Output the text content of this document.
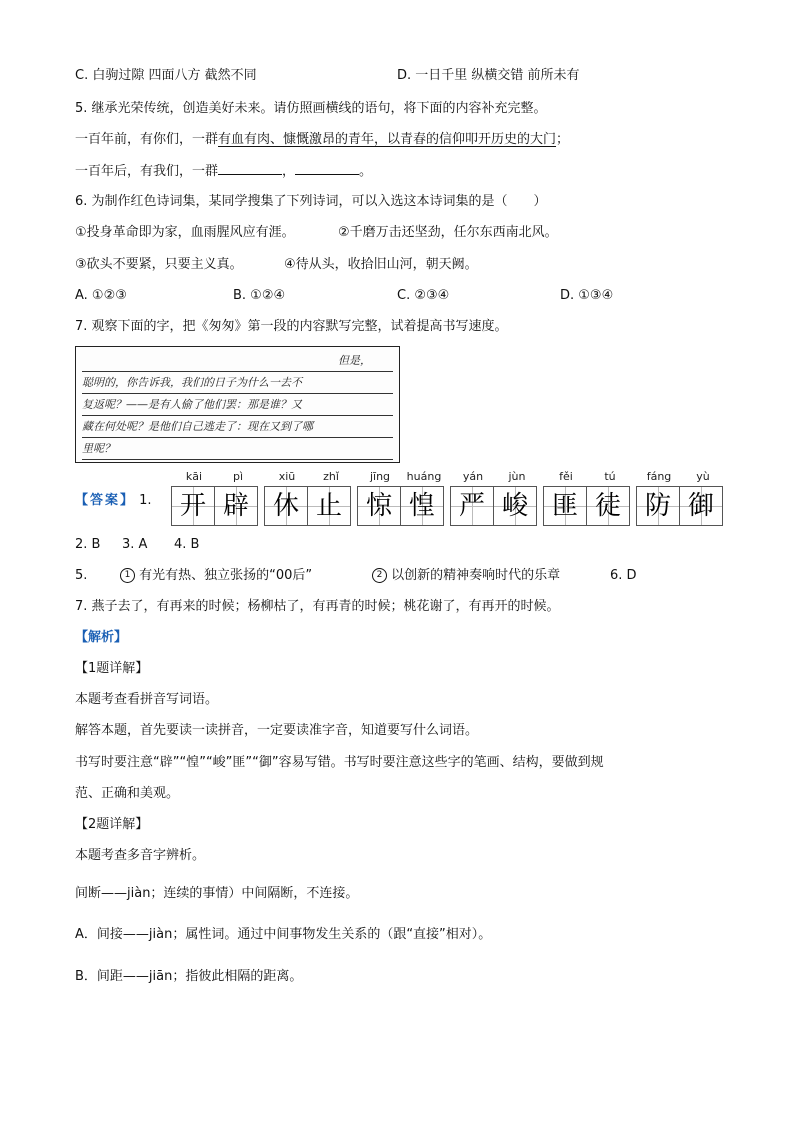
C. 白驹过隙 四面八方 截然不同	D. 一日千里 纵横交错 前所未有
5. 继承光荣传统，创造美好未来。请仿照画横线的语句，将下面的内容补充完整。
一百年前，有你们，一群有血有肉、慷慨激昂的青年，以青春的信仰叩开历史的大门；
一百年后，有我们，一群	，	。
6. 为制作红色诗词集，某同学搜集了下列诗词，可以入选这本诗词集的是（　　）
①投身革命即为家，血雨腥风应有涯。	②千磨万击还坚劲，任尔东西南北风。
③砍头不要紧，只要主义真。	④待从头，收拾旧山河，朝天阙。
A. ①②③	B. ①②④	C. ②③④	D. ①③④
7. 观察下面的字，把《匆匆》第一段的内容默写完整，试着提高书写速度。
但是，
聪明的，你告诉我，我们的日子为什么一去不
复返呢？——是有人偷了他们罢：那是谁？又
藏在何处呢？是他们自己逃走了：现在又到了哪
里呢？
【答案】 1.
kāi	pì
开 辟
xiū	zhǐ
休 止
jīng	huáng
惊 惶
yán	jùn
严 峻
fěi	tú
匪 徒
fáng	yù
防 御
2. B 3. A 4. B
5.	1 有光有热、独立张扬的“00后”	2 以创新的精神奏响时代的乐章	6. D
7. 燕子去了，有再来的时候；杨柳枯了，有再青的时候；桃花谢了，有再开的时候。
【解析】
【1题详解】
本题考查看拼音写词语。
解答本题，首先要读一读拼音，一定要读准字音，知道要写什么词语。
书写时要注意“辟”“惶”“峻”匪”“御”容易写错。书写时要注意这些字的笔画、结构，要做到规
范、正确和美观。
【2题详解】
本题考查多音字辨析。
间断——jiàn；连续的事情）中间隔断，不连接。
A．间接——jiàn；属性词。通过中间事物发生关系的（跟“直接”相对）。
B．间距——jiān；指彼此相隔的距离。
